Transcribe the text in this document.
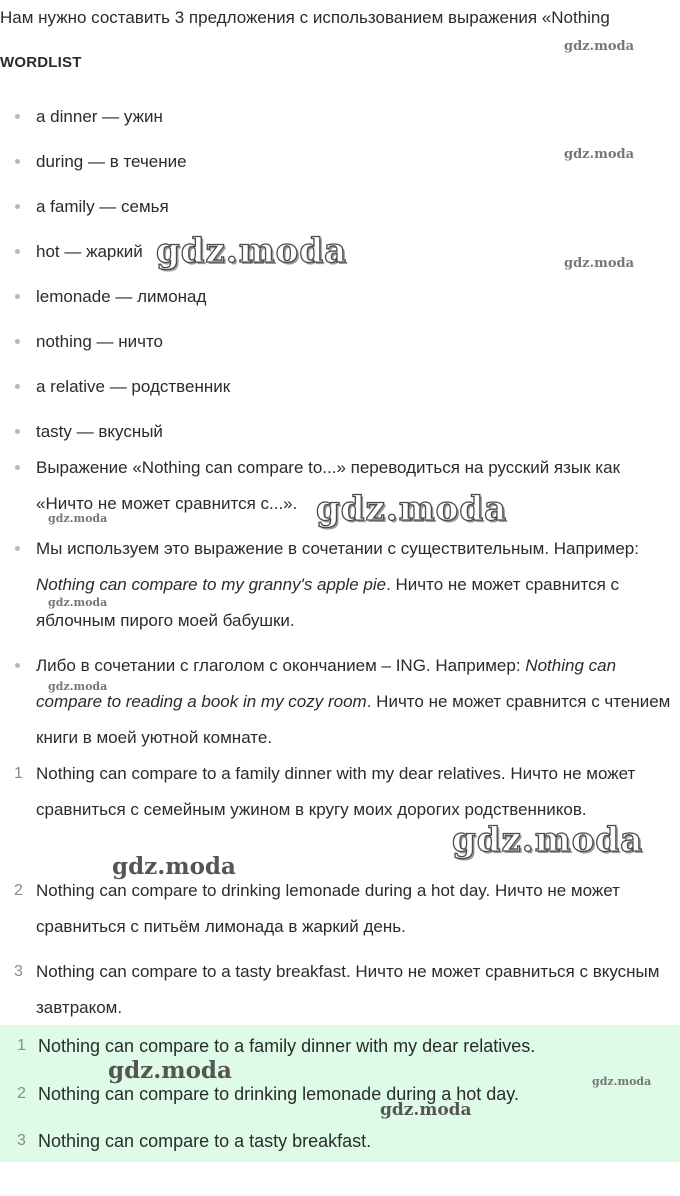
Нам нужно составить 3 предложения с использованием выражения «Nothing
WORDLIST
a dinner — ужин
during — в течение
a family — семья
hot — жаркий
lemonade — лимонад
nothing — ничто
a relative — родственник
tasty — вкусный
Выражение «Nothing can compare to...» переводиться на русский язык как «Ничто не может сравнится с...».
Мы используем это выражение в сочетании с существительным. Например: Nothing can compare to my granny's apple pie. Ничто не может сравнится с яблочным пирого моей бабушки.
Либо в сочетании с глаголом с окончанием – ING. Например: Nothing can compare to reading a book in my cozy room. Ничто не может сравнится с чтением книги в моей уютной комнате.
1 Nothing can compare to a family dinner with my dear relatives. Ничто не может сравниться с семейным ужином в кругу моих дорогих родственников.
2 Nothing can compare to drinking lemonade during a hot day. Ничто не может сравниться с питьём лимонада в жаркий день.
3 Nothing can compare to a tasty breakfast. Ничто не может сравниться с вкусным завтраком.
1 Nothing can compare to a family dinner with my dear relatives.
2 Nothing can compare to drinking lemonade during a hot day.
3 Nothing can compare to a tasty breakfast.
gdz.moda
gdz.moda
gdz.moda
gdz.moda
gdz.moda	gdz.moda
gdz.moda
gdz.moda
gdz.moda
gdz.moda
gdz.moda	gdz.moda
gdz.moda
